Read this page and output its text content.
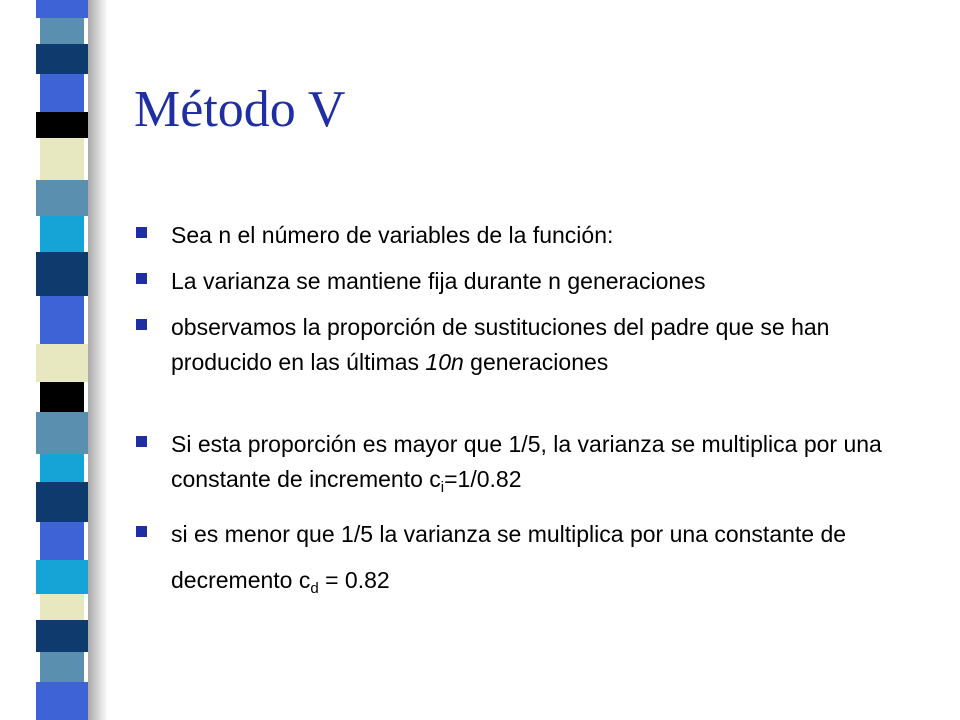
Método V
Sea n el número de variables de la función:
La varianza se mantiene fija durante n generaciones
observamos la proporción de sustituciones del padre que se han producido en las últimas 10n generaciones
Si esta proporción es mayor que 1/5, la varianza se multiplica por una constante de incremento $c_i=1/0.82$
si es menor que 1/5 la varianza se multiplica por una constante de decremento $c_d = 0.82$
